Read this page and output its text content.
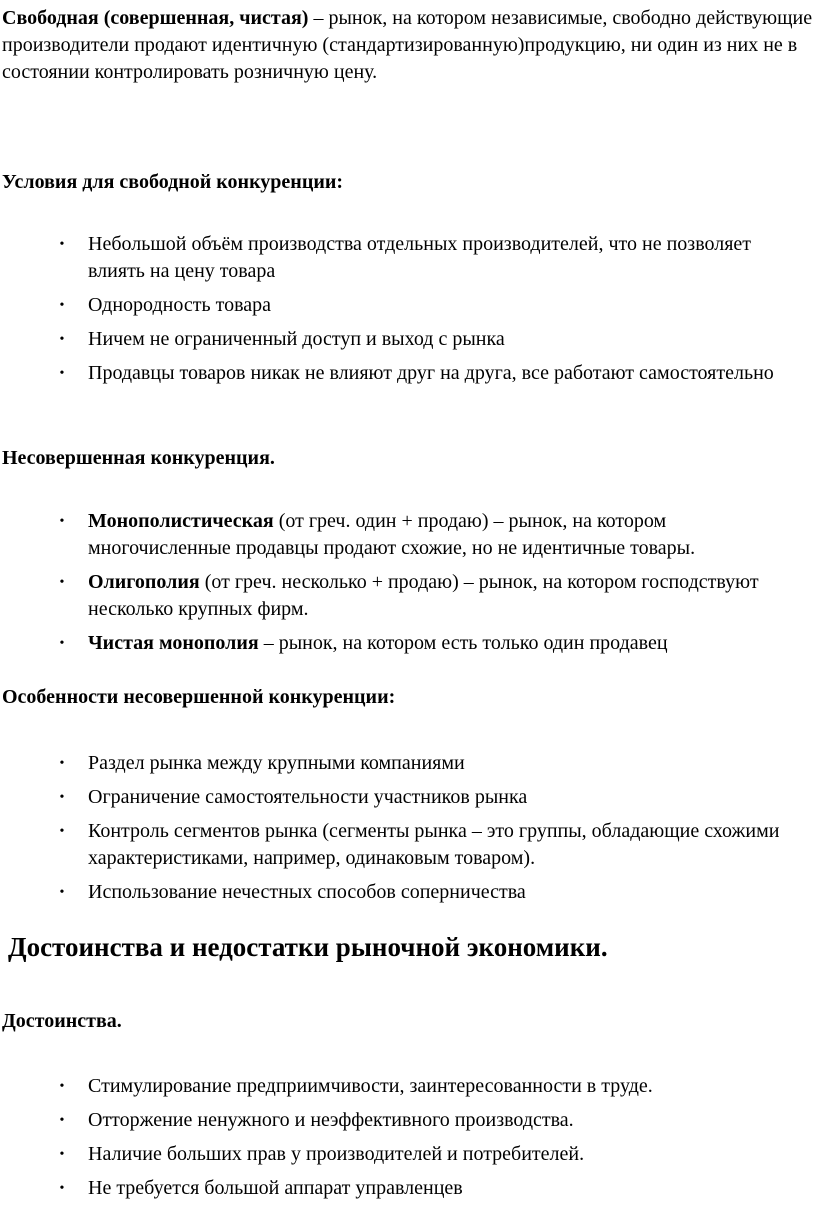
Свободная (совершенная, чистая) – рынок, на котором независимые, свободно действующие производители продают идентичную (стандартизированную)продукцию, ни один из них не в состоянии контролировать розничную цену.

Условия для свободной конкуренции:

• Небольшой объём производства отдельных производителей, что не позволяет влиять на цену товара
• Однородность товара
• Ничем не ограниченный доступ и выход с рынка
• Продавцы товаров никак не влияют друг на друга, все работают самостоятельно

Несовершенная конкуренция.

• Монополистическая (от греч. один + продаю) – рынок, на котором многочисленные продавцы продают схожие, но не идентичные товары.
• Олигополия (от греч. несколько + продаю) – рынок, на котором господствуют несколько крупных фирм.
• Чистая монополия – рынок, на котором есть только один продавец

Особенности несовершенной конкуренции:

• Раздел рынка между крупными компаниями
• Ограничение самостоятельности участников рынка
• Контроль сегментов рынка (сегменты рынка – это группы, обладающие схожими характеристиками, например, одинаковым товаром).
• Использование нечестных способов соперничества
Достоинства и недостатки рыночной экономики.

Достоинства.

• Стимулирование предприимчивости, заинтересованности в труде.
• Отторжение ненужного и неэффективного производства.
• Наличие больших прав у производителей и потребителей.
• Не требуется большой аппарат управленцев
